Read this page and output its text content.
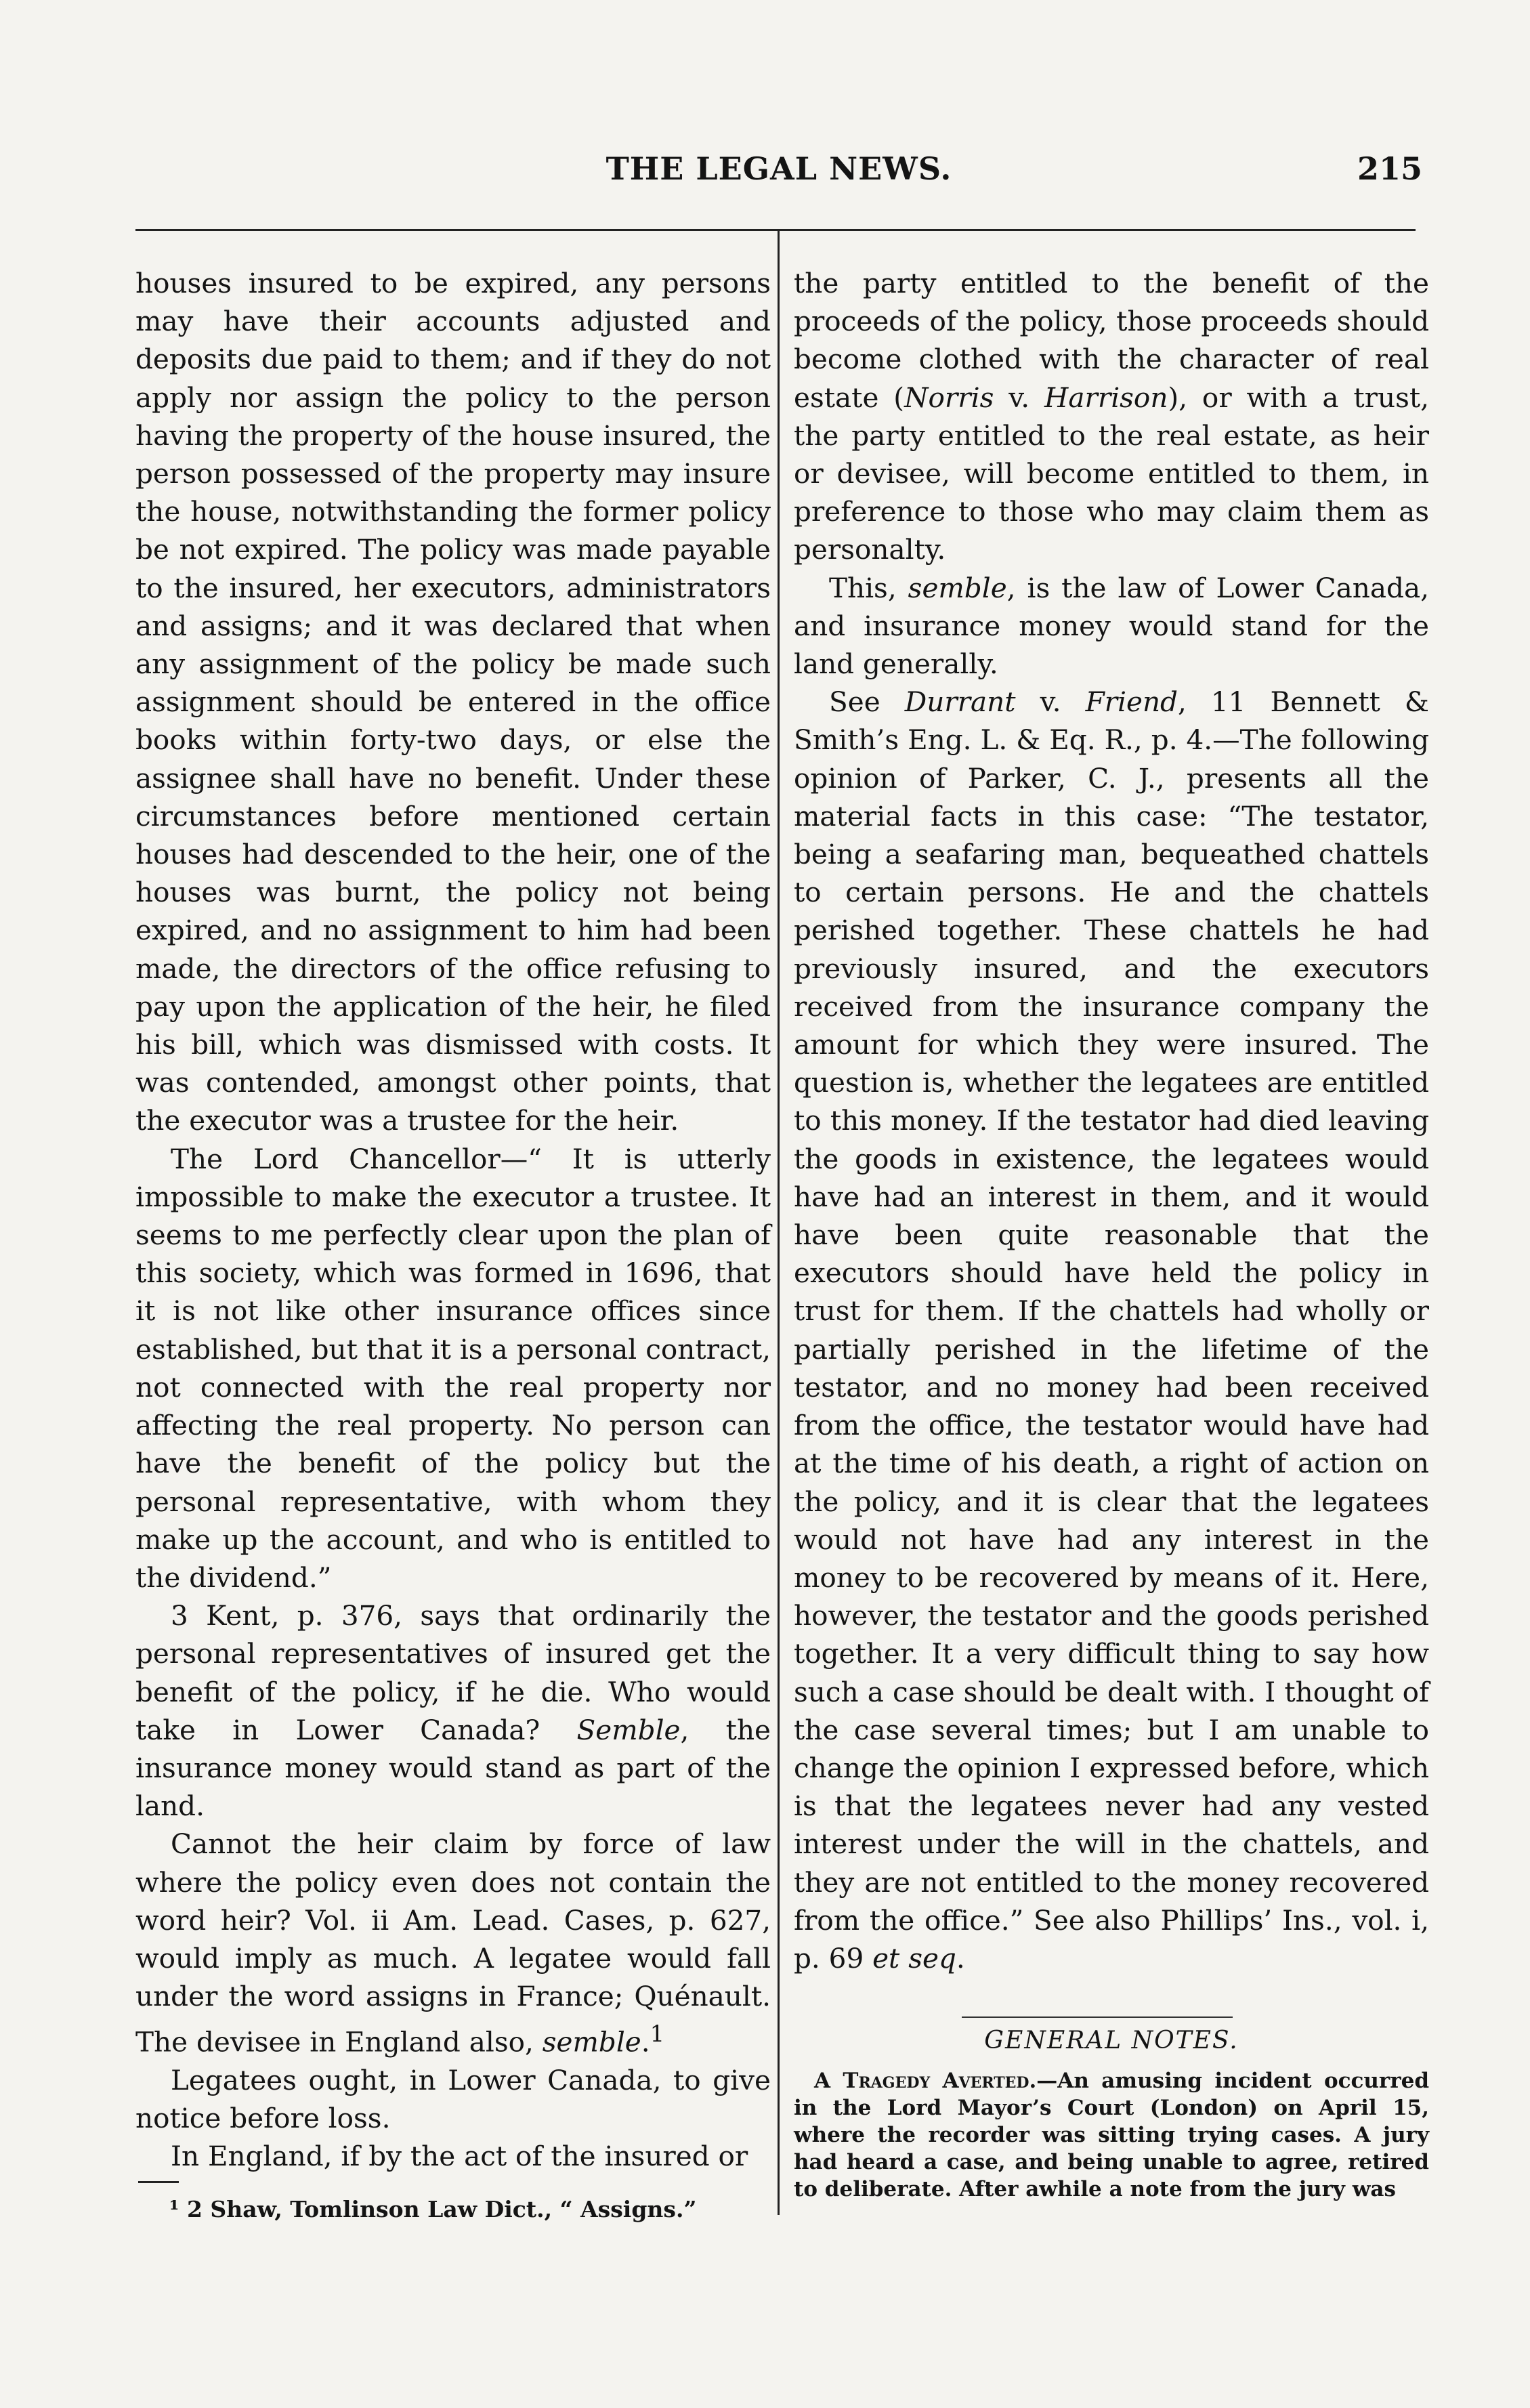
THE LEGAL NEWS.	215

houses insured to be expired, any persons may have their accounts adjusted and deposits due paid to them; and if they do not apply nor assign the policy to the person having the property of the house insured, the person possessed of the property may insure the house, notwithstanding the former policy be not expired. The policy was made payable to the insured, her executors, administrators and assigns; and it was declared that when any assignment of the policy be made such assignment should be entered in the office books within forty-two days, or else the assignee shall have no benefit. Under these circumstances before mentioned certain houses had descended to the heir, one of the houses was burnt, the policy not being expired, and no assignment to him had been made, the directors of the office refusing to pay upon the application of the heir, he filed his bill, which was dismissed with costs. It was contended, amongst other points, that the executor was a trustee for the heir.

The Lord Chancellor—“ It is utterly impossible to make the executor a trustee. It seems to me perfectly clear upon the plan of this society, which was formed in 1696, that it is not like other insurance offices since established, but that it is a personal contract, not connected with the real property nor affecting the real property. No person can have the benefit of the policy but the personal representative, with whom they make up the account, and who is entitled to the dividend.”

3 Kent, p. 376, says that ordinarily the personal representatives of insured get the benefit of the policy, if he die. Who would take in Lower Canada? Semble, the insurance money would stand as part of the land.

Cannot the heir claim by force of law where the policy even does not contain the word heir? Vol. ii Am. Lead. Cases, p. 627, would imply as much. A legatee would fall under the word assigns in France; Quénault. The devisee in England also, semble.$^1$

Legatees ought, in Lower Canada, to give notice before loss.

In England, if by the act of the insured or

¹ 2 Shaw, Tomlinson Law Dict., “ Assigns.”

the party entitled to the benefit of the proceeds of the policy, those proceeds should become clothed with the character of real estate (Norris v. Harrison), or with a trust, the party entitled to the real estate, as heir or devisee, will become entitled to them, in preference to those who may claim them as personalty.

This, semble, is the law of Lower Canada, and insurance money would stand for the land generally.

See Durrant v. Friend, 11 Bennett & Smith’s Eng. L. & Eq. R., p. 4.—The following opinion of Parker, C. J., presents all the material facts in this case: “The testator, being a seafaring man, bequeathed chattels to certain persons. He and the chattels perished together. These chattels he had previously insured, and the executors received from the insurance company the amount for which they were insured. The question is, whether the legatees are entitled to this money. If the testator had died leaving the goods in existence, the legatees would have had an interest in them, and it would have been quite reasonable that the executors should have held the policy in trust for them. If the chattels had wholly or partially perished in the lifetime of the testator, and no money had been received from the office, the testator would have had at the time of his death, a right of action on the policy, and it is clear that the legatees would not have had any interest in the money to be recovered by means of it. Here, however, the testator and the goods perished together. It a very difficult thing to say how such a case should be dealt with. I thought of the case several times; but I am unable to change the opinion I expressed before, which is that the legatees never had any vested interest under the will in the chattels, and they are not entitled to the money recovered from the office.” See also Phillips’ Ins., vol. i, p. 69 et seq.

GENERAL NOTES.

A Tragedy Averted.—An amusing incident occurred in the Lord Mayor’s Court (London) on April 15, where the recorder was sitting trying cases. A jury had heard a case, and being unable to agree, retired to deliberate. After awhile a note from the jury was
